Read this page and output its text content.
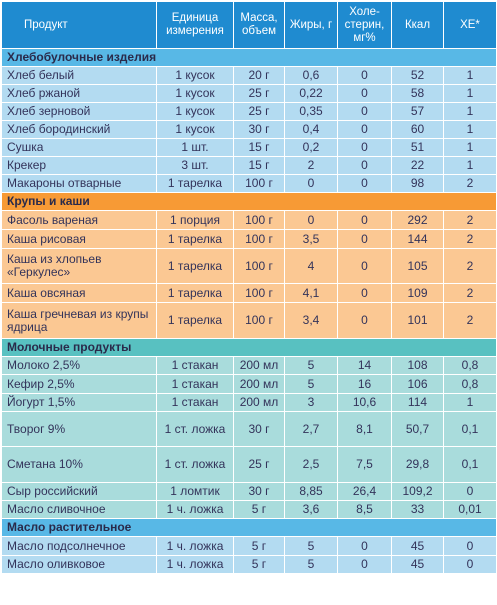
Продукт	Единица измерения	Масса, объем	Жиры, г	Холе-стерин, мг%	Ккал	ХЕ*
Хлебобулочные изделия						
Хлеб белый	1 кусок	20 г	0,6	0	52	1
Хлеб ржаной	1 кусок	25 г	0,22	0	58	1
Хлеб зерновой	1 кусок	25 г	0,35	0	57	1
Хлеб бородинский	1 кусок	30 г	0,4	0	60	1
Сушка	1 шт.	15 г	0,2	0	51	1
Крекер	3 шт.	15 г	2	0	22	1
Макароны отварные	1 тарелка	100 г	0	0	98	2
Крупы и каши						
Фасоль вареная	1 порция	100 г	0	0	292	2
Каша рисовая	1 тарелка	100 г	3,5	0	144	2
Каша из хлопьев «Геркулес»	1 тарелка	100 г	4	0	105	2
Каша овсяная	1 тарелка	100 г	4,1	0	109	2
Каша гречневая из крупы ядрица	1 тарелка	100 г	3,4	0	101	2
Молочные продукты						
Молоко 2,5%	1 стакан	200 мл	5	14	108	0,8
Кефир 2,5%	1 стакан	200 мл	5	16	106	0,8
Йогурт 1,5%	1 стакан	200 мл	3	10,6	114	1
Творог 9%	1 ст. ложка	30 г	2,7	8,1	50,7	0,1
Сметана 10%	1 ст. ложка	25 г	2,5	7,5	29,8	0,1
Сыр российский	1 ломтик	30 г	8,85	26,4	109,2	0
Масло сливочное	1 ч. ложка	5 г	3,6	8,5	33	0,01
Масло растительное						
Масло подсолнечное	1 ч. ложка	5 г	5	0	45	0
Масло оливковое	1 ч. ложка	5 г	5	0	45	0
